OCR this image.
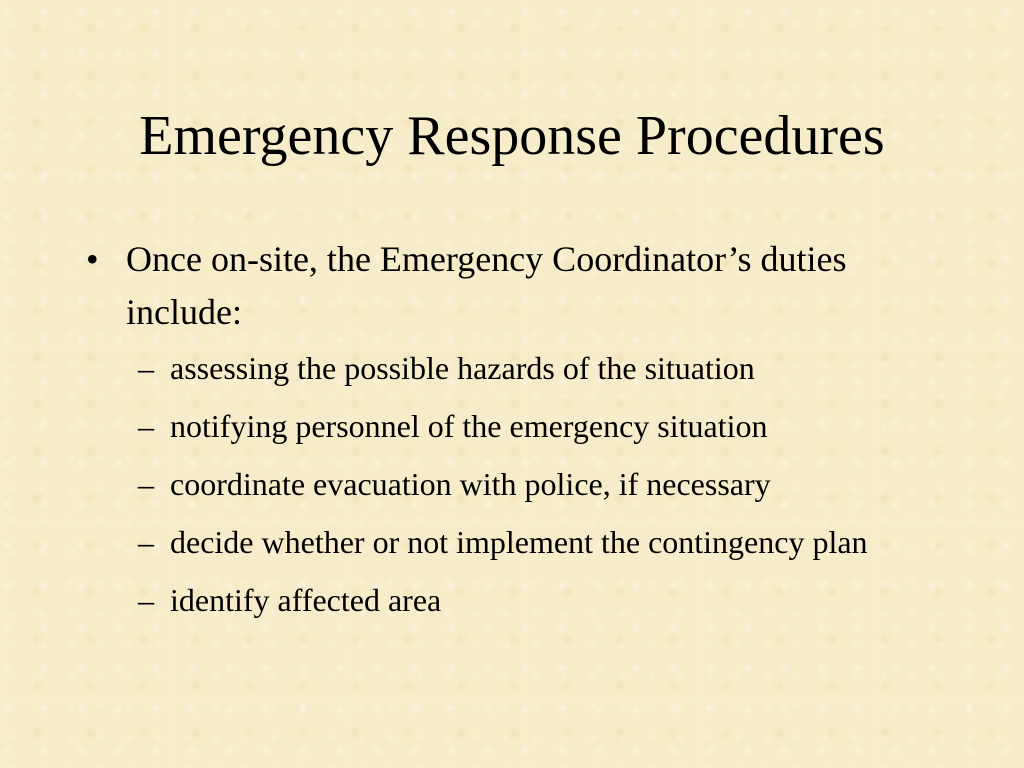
Emergency Response Procedures
• Once on-site, the Emergency Coordinator’s duties include:
– assessing the possible hazards of the situation
– notifying personnel of the emergency situation
– coordinate evacuation with police, if necessary
– decide whether or not implement the contingency plan
– identify affected area
